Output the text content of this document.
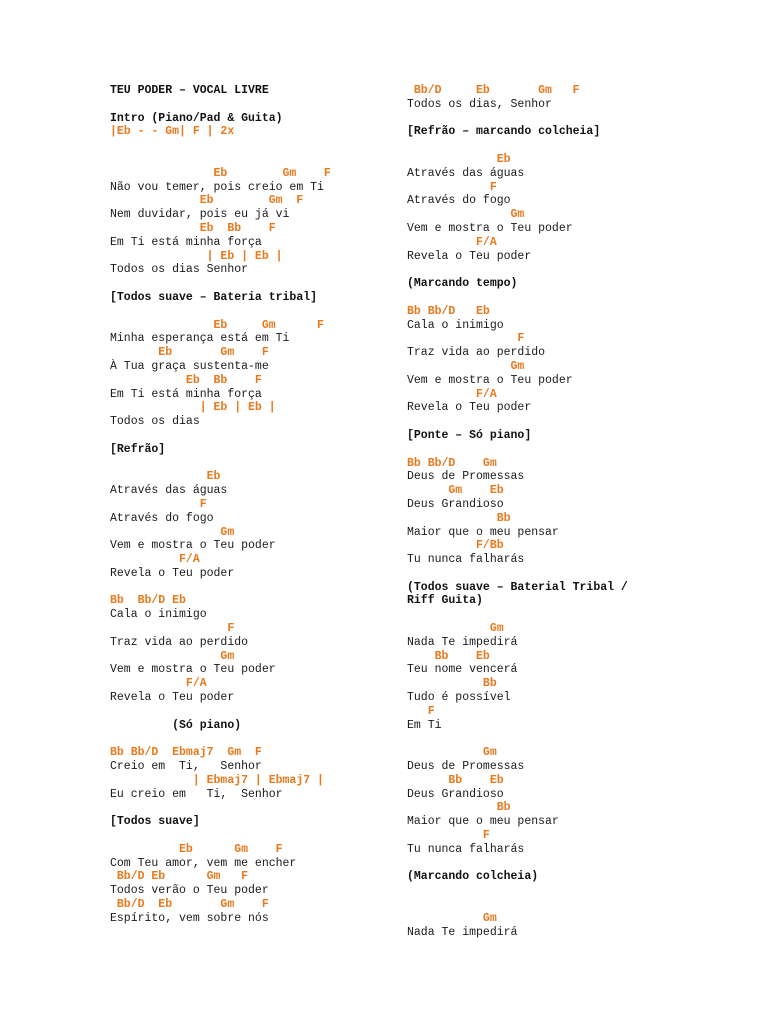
TEU PODER – VOCAL LIVRE
Intro (Piano/Pad & Guita)
|Eb - - Gm| F | 2x
Eb        Gm    F
Não vou temer, pois creio em Ti
Eb        Gm  F
Nem duvidar, pois eu já vi
Eb  Bb    F
Em Ti está minha força
| Eb | Eb |
Todos os dias Senhor
[Todos suave – Bateria tribal]
Eb     Gm      F
Minha esperança está em Ti
Eb       Gm    F
À Tua graça sustenta-me
Eb  Bb    F
Em Ti está minha força
| Eb | Eb |
Todos os dias
[Refrão]
Eb
Através das águas
F
Através do fogo
Gm
Vem e mostra o Teu poder
F/A
Revela o Teu poder
Bb  Bb/D Eb
Cala o inimigo
F
Traz vida ao perdido
Gm
Vem e mostra o Teu poder
F/A
Revela o Teu poder
(Só piano)
Bb Bb/D  Ebmaj7  Gm  F
Creio em  Ti,   Senhor
| Ebmaj7 | Ebmaj7 |
Eu creio em   Ti,  Senhor
[Todos suave]
Eb      Gm    F
Com Teu amor, vem me encher
Bb/D Eb      Gm   F
Todos verão o Teu poder
Bb/D  Eb       Gm    F
Espírito, vem sobre nós
Bb/D     Eb       Gm   F
Todos os dias, Senhor
[Refrão – marcando colcheia]
Eb
Através das águas
F
Através do fogo
Gm
Vem e mostra o Teu poder
F/A
Revela o Teu poder
(Marcando tempo)
Bb Bb/D   Eb
Cala o inimigo
F
Traz vida ao perdido
Gm
Vem e mostra o Teu poder
F/A
Revela o Teu poder
[Ponte – Só piano]
Bb Bb/D    Gm
Deus de Promessas
Gm    Eb
Deus Grandioso
Bb
Maior que o meu pensar
F/Bb
Tu nunca falharás
(Todos suave – Baterial Tribal /
Riff Guita)
Gm
Nada Te impedirá
Bb    Eb
Teu nome vencerá
Bb
Tudo é possível
F
Em Ti
Gm
Deus de Promessas
Bb    Eb
Deus Grandioso
Bb
Maior que o meu pensar
F
Tu nunca falharás
(Marcando colcheia)
Gm
Nada Te impedirá
